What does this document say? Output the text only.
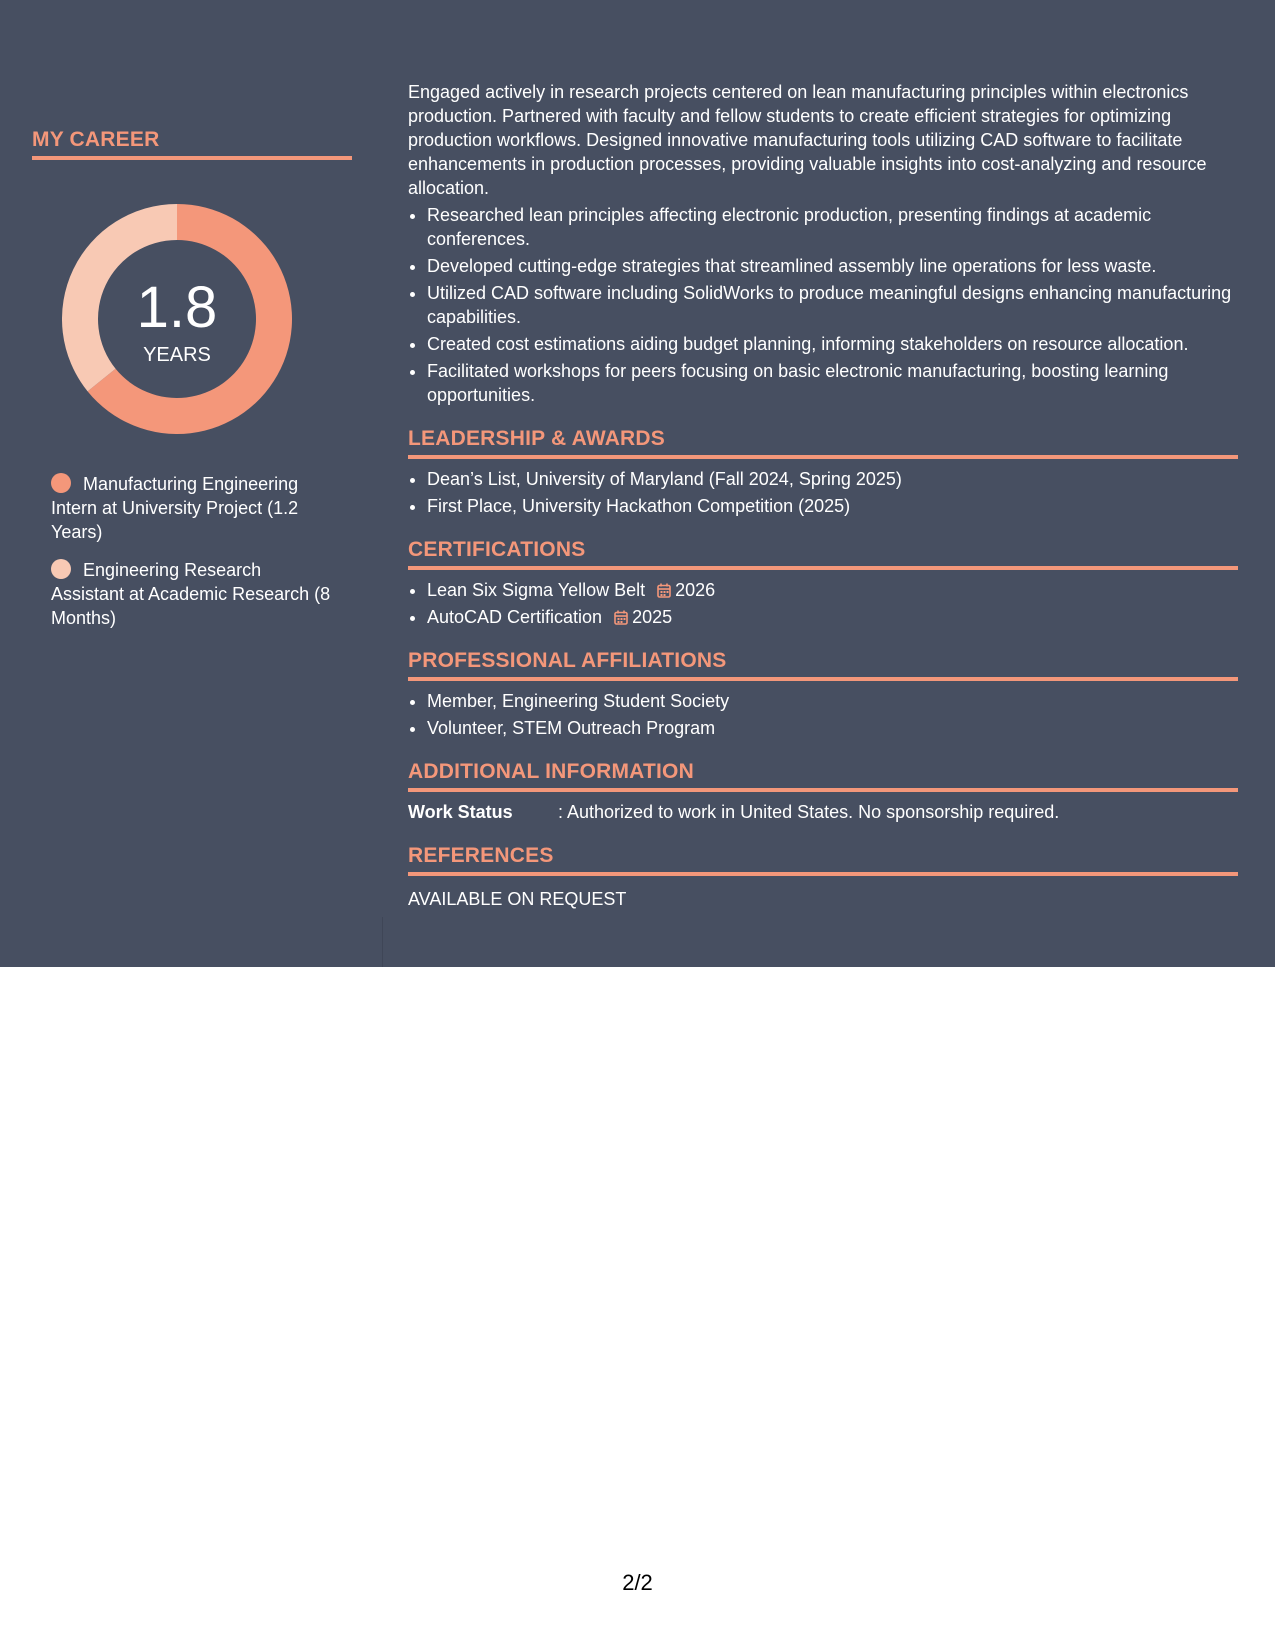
MY CAREER
1.8
YEARS
Manufacturing Engineering Intern at University Project (1.2 Years)
Engineering Research Assistant at Academic Research (8 Months)

Engaged actively in research projects centered on lean manufacturing principles within electronics production. Partnered with faculty and fellow students to create efficient strategies for optimizing production workflows. Designed innovative manufacturing tools utilizing CAD software to facilitate enhancements in production processes, providing valuable insights into cost-analyzing and resource allocation.

• Researched lean principles affecting electronic production, presenting findings at academic conferences.
• Developed cutting-edge strategies that streamlined assembly line operations for less waste.
• Utilized CAD software including SolidWorks to produce meaningful designs enhancing manufacturing capabilities.
• Created cost estimations aiding budget planning, informing stakeholders on resource allocation.
• Facilitated workshops for peers focusing on basic electronic manufacturing, boosting learning opportunities.
LEADERSHIP & AWARDS
• Dean’s List, University of Maryland (Fall 2024, Spring 2025)
• First Place, University Hackathon Competition (2025)
CERTIFICATIONS
• Lean Six Sigma Yellow Belt 2026
• AutoCAD Certification 2025
PROFESSIONAL AFFILIATIONS
• Member, Engineering Student Society
• Volunteer, STEM Outreach Program
ADDITIONAL INFORMATION
Work Status	: Authorized to work in United States. No sponsorship required.
REFERENCES
AVAILABLE ON REQUEST
2/2
